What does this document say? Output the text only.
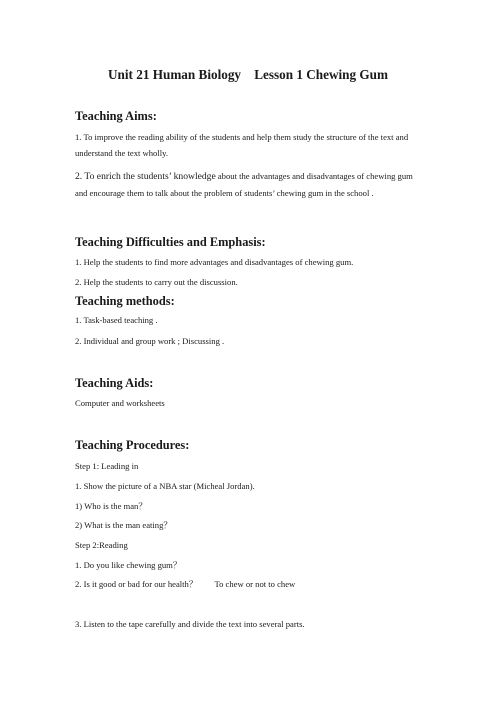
Unit 21 Human Biology    Lesson 1 Chewing Gum
Teaching Aims:
1. To improve the reading ability of the students and help them study the structure of the text and understand the text wholly.
2. To enrich the students’ knowledge about the advantages and disadvantages of chewing gum and encourage them to talk about the problem of students’ chewing gum in the school .
Teaching Difficulties and Emphasis:
1. Help the students to find more advantages and disadvantages of chewing gum.
2. Help the students to carry out the discussion.
Teaching methods:
1. Task-based teaching .
2. Individual and group work ; Discussing .
Teaching Aids:
Computer and worksheets
Teaching Procedures:
Step 1: Leading in
1. Show the picture of a NBA star (Micheal Jordan).
1) Who is the man？
2) What is the man eating？
Step 2:Reading
1. Do you like chewing gum？
2. Is it good or bad for our health？        To chew or not to chew
3. Listen to the tape carefully and divide the text into several parts.
